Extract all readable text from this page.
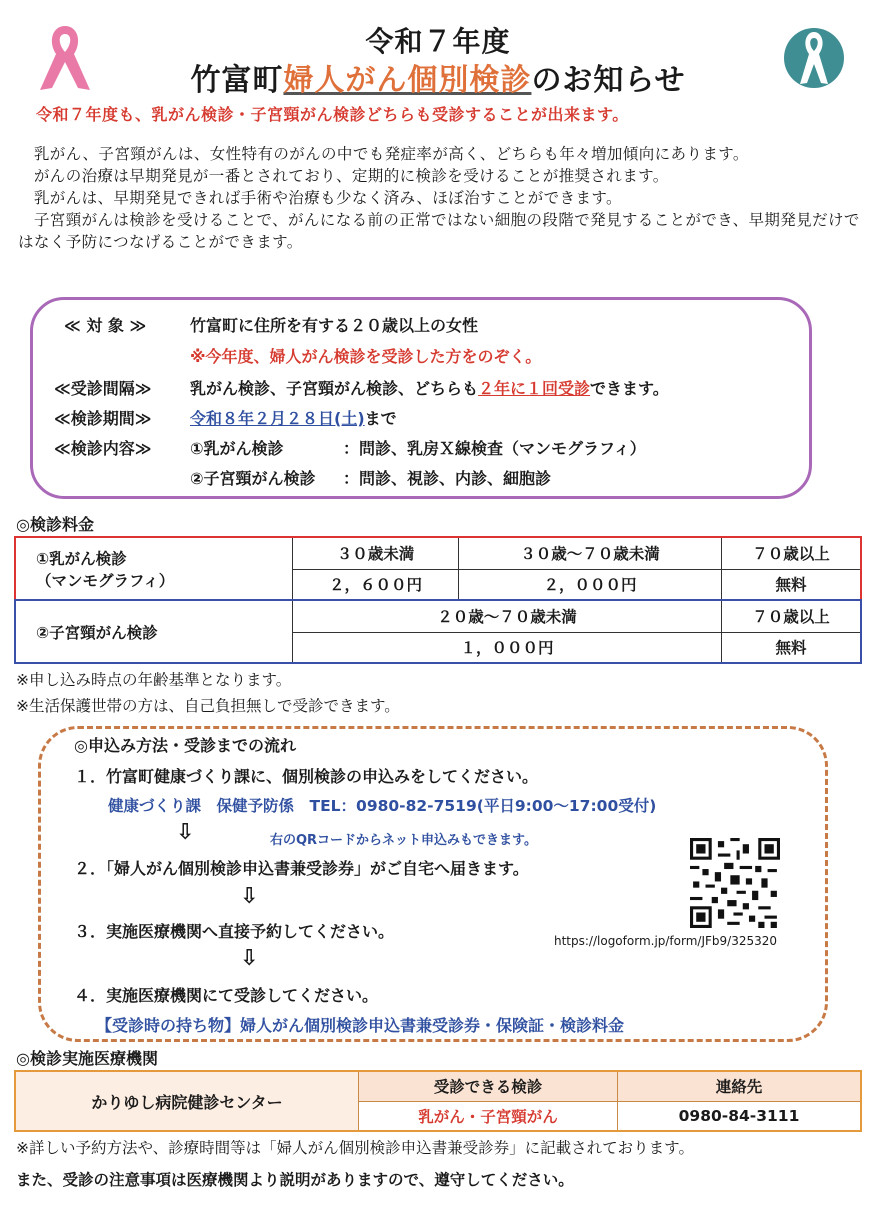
令和７年度
竹富町婦人がん個別検診のお知らせ
令和７年度も、乳がん検診・子宮頸がん検診どちらも受診することが出来ます。

　乳がん、子宮頸がんは、女性特有のがんの中でも発症率が高く、どちらも年々増加傾向にあります。

　がんの治療は早期発見が一番とされており、定期的に検診を受けることが推奨されます。

　乳がんは、早期発見できれば手術や治療も少なく済み、ほぼ治すことができます。

　子宮頸がんは検診を受けることで、がんになる前の正常ではない細胞の段階で発見することができ、早期発見だけではなく予防につなげることができます。

≪ 対 象 ≫	竹富町に住所を有する２０歳以上の女性
※今年度、婦人がん検診を受診した方をのぞく。
≪受診間隔≫ 乳がん検診、子宮頸がん検診、どちらも２年に１回受診できます。
≪検診期間≫ 令和８年２月２８日(土)まで
≪検診内容≫ ①乳がん検診	：問診、乳房Ｘ線検査（マンモグラフィ）
②子宮頸がん検診 ：問診、視診、内診、細胞診
◎検診料金
①乳がん検診
（マンモグラフィ）	３０歳未満	３０歳～７０歳未満	７０歳以上
	２，６００円	２，０００円	無料
②子宮頸がん検診	２０歳～７０歳未満	７０歳以上
	１，０００円	無料
※申し込み時点の年齢基準となります。
※生活保護世帯の方は、自己負担無しで受診できます。
◎申込み方法・受診までの流れ
１．竹富町健康づくり課に、個別検診の申込みをしてください。
健康づくり課　保健予防係　TEL：0980-82-7519(平日9:00～17:00受付)
⇩	右のQRコードからネット申込みもできます。
２．「婦人がん個別検診申込書兼受診券」がご自宅へ届きます。
⇩
３．実施医療機関へ直接予約してください。
⇩
４．実施医療機関にて受診してください。
【受診時の持ち物】婦人がん個別検診申込書兼受診券・保険証・検診料金
https://logoform.jp/form/JFb9/325320
◎検診実施医療機関
かりゆし病院健診センター	受診できる検診	連絡先
	乳がん・子宮頸がん	0980-84-3111
※詳しい予約方法や、診療時間等は「婦人がん個別検診申込書兼受診券」に記載されております。
また、受診の注意事項は医療機関より説明がありますので、遵守してください。
